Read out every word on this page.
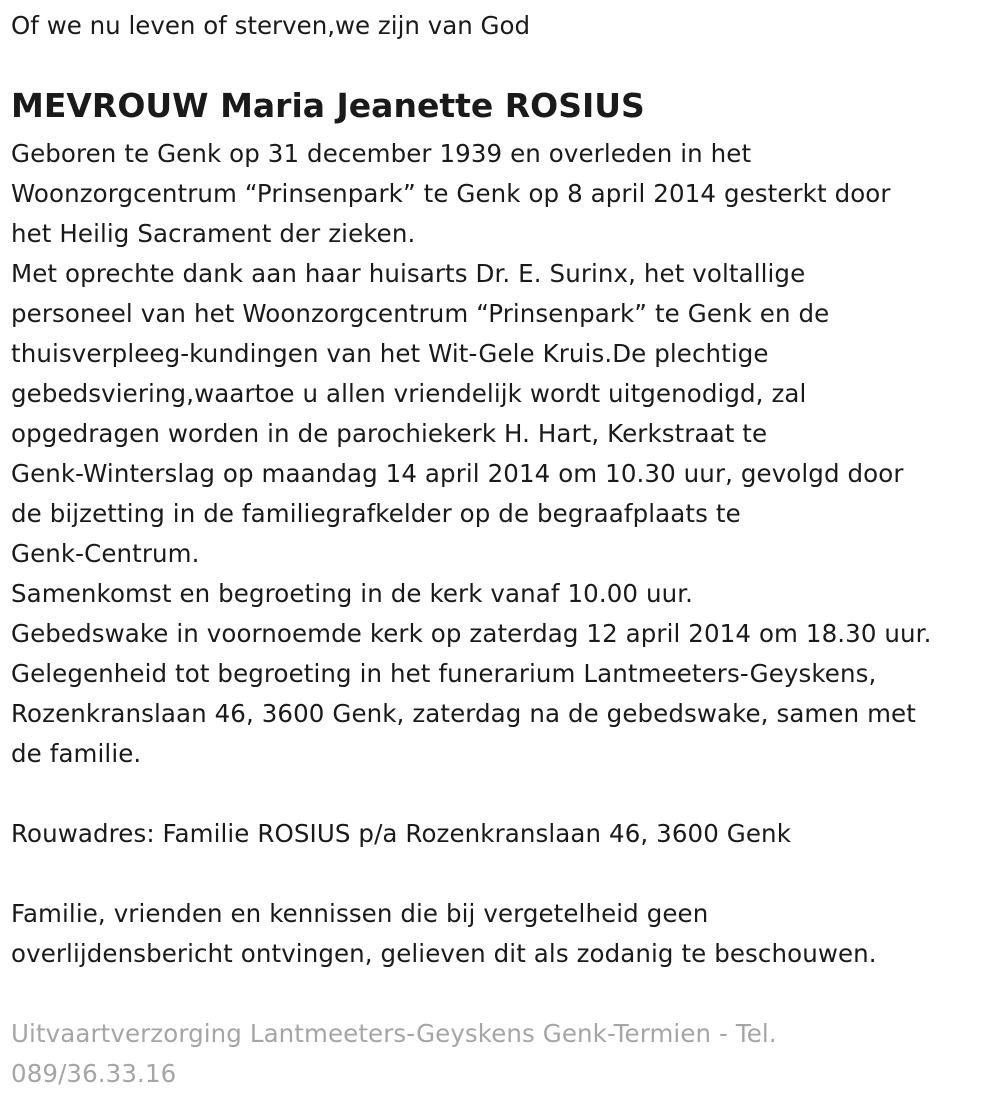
Of we nu leven of sterven,we zijn van God
MEVROUW Maria Jeanette ROSIUS
Geboren te Genk op 31 december 1939 en overleden in het
Woonzorgcentrum “Prinsenpark” te Genk op 8 april 2014 gesterkt door
het Heilig Sacrament der zieken.
Met oprechte dank aan haar huisarts Dr. E. Surinx, het voltallige
personeel van het Woonzorgcentrum “Prinsenpark” te Genk en de
thuisverpleeg-kundingen van het Wit-Gele Kruis.De plechtige
gebedsviering,waartoe u allen vriendelijk wordt uitgenodigd, zal
opgedragen worden in de parochiekerk H. Hart, Kerkstraat te
Genk-Winterslag op maandag 14 april 2014 om 10.30 uur, gevolgd door
de bijzetting in de familiegrafkelder op de begraafplaats te
Genk-Centrum.
Samenkomst en begroeting in de kerk vanaf 10.00 uur.
Gebedswake in voornoemde kerk op zaterdag 12 april 2014 om 18.30 uur.
Gelegenheid tot begroeting in het funerarium Lantmeeters-Geyskens,
Rozenkranslaan 46, 3600 Genk, zaterdag na de gebedswake, samen met
de familie.
Rouwadres: Familie ROSIUS p/a Rozenkranslaan 46, 3600 Genk
Familie, vrienden en kennissen die bij vergetelheid geen
overlijdensbericht ontvingen, gelieven dit als zodanig te beschouwen.
Uitvaartverzorging Lantmeeters-Geyskens Genk-Termien - Tel.
089/36.33.16
